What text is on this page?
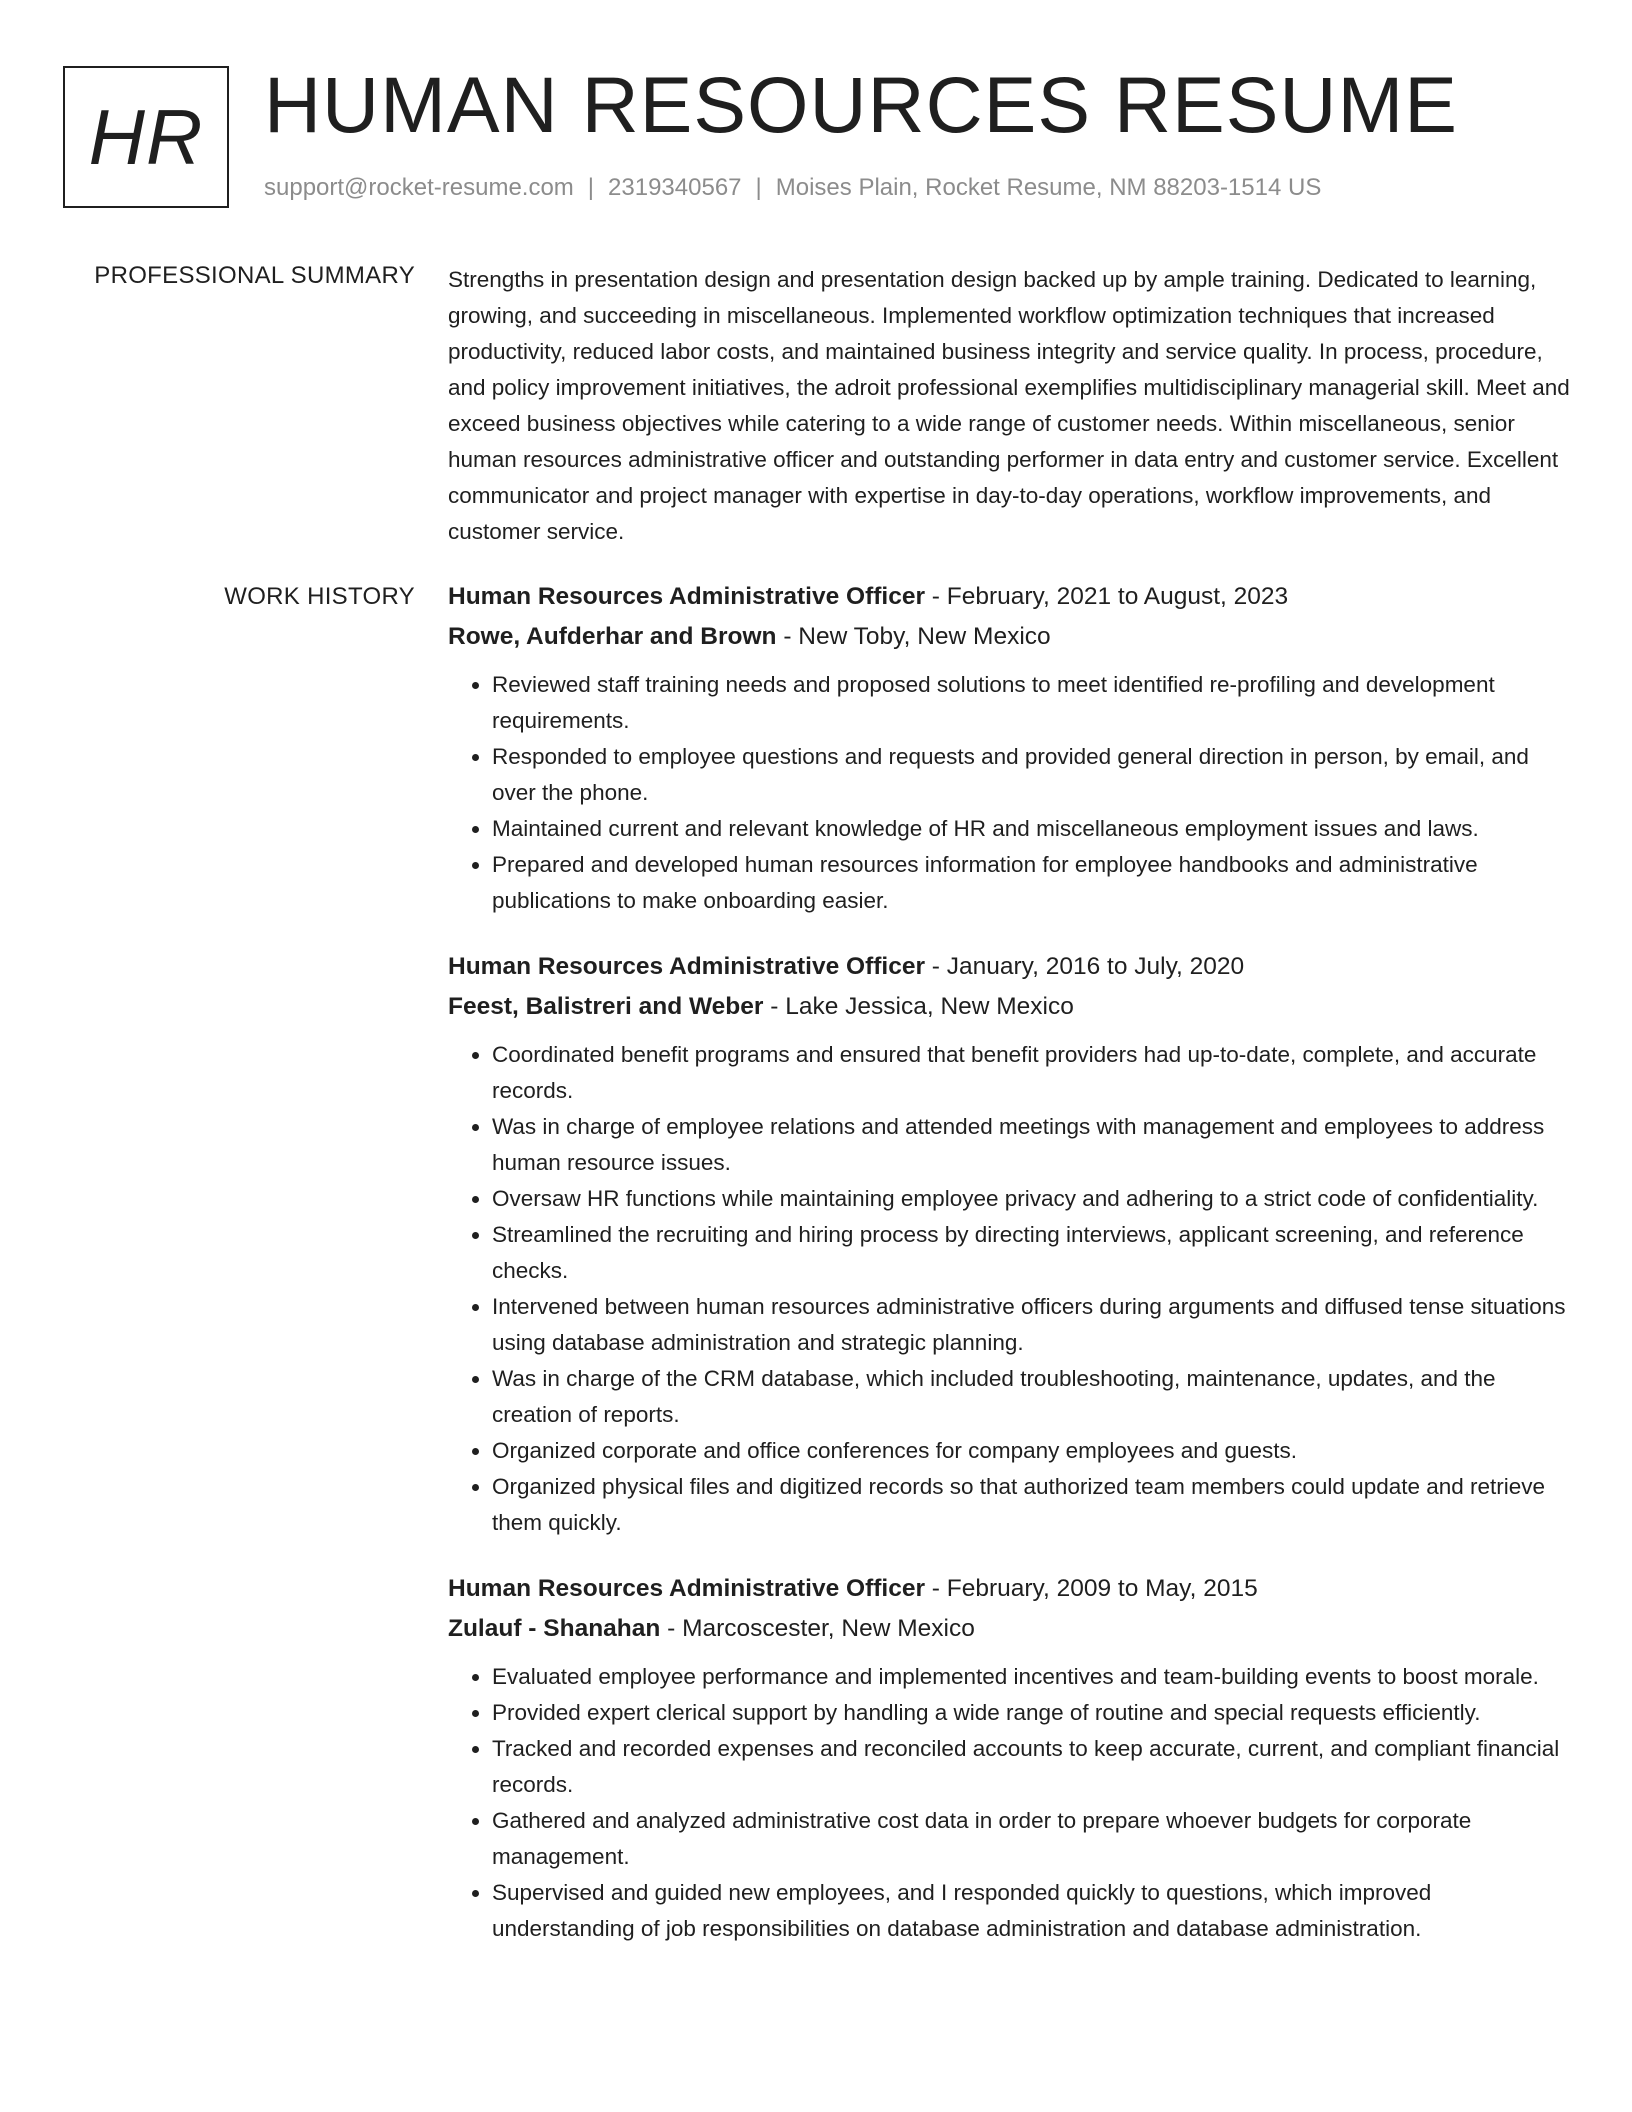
HR HUMAN RESOURCES RESUME
support@rocket-resume.com | 2319340567 | Moises Plain, Rocket Resume, NM 88203-1514 US
PROFESSIONAL SUMMARY Strengths in presentation design and presentation design backed up by ample training. Dedicated to learning, growing, and succeeding in miscellaneous. Implemented workflow optimization techniques that increased productivity, reduced labor costs, and maintained business integrity and service quality. In process, procedure, and policy improvement initiatives, the adroit professional exemplifies multidisciplinary managerial skill. Meet and exceed business objectives while catering to a wide range of customer needs. Within miscellaneous, senior human resources administrative officer and outstanding performer in data entry and customer service. Excellent communicator and project manager with expertise in day-to-day operations, workflow improvements, and customer service.

WORK HISTORY Human Resources Administrative Officer - February, 2021 to August, 2023
Rowe, Aufderhar and Brown - New Toby, New Mexico
• Reviewed staff training needs and proposed solutions to meet identified re-profiling and development requirements.
• Responded to employee questions and requests and provided general direction in person, by email, and over the phone.
• Maintained current and relevant knowledge of HR and miscellaneous employment issues and laws.
• Prepared and developed human resources information for employee handbooks and administrative publications to make onboarding easier.
Human Resources Administrative Officer - January, 2016 to July, 2020
Feest, Balistreri and Weber - Lake Jessica, New Mexico
• Coordinated benefit programs and ensured that benefit providers had up-to-date, complete, and accurate records.
• Was in charge of employee relations and attended meetings with management and employees to address human resource issues.
• Oversaw HR functions while maintaining employee privacy and adhering to a strict code of confidentiality.
• Streamlined the recruiting and hiring process by directing interviews, applicant screening, and reference checks.
• Intervened between human resources administrative officers during arguments and diffused tense situations using database administration and strategic planning.
• Was in charge of the CRM database, which included troubleshooting, maintenance, updates, and the creation of reports.
• Organized corporate and office conferences for company employees and guests.
• Organized physical files and digitized records so that authorized team members could update and retrieve them quickly.
Human Resources Administrative Officer - February, 2009 to May, 2015
Zulauf - Shanahan - Marcoscester, New Mexico
• Evaluated employee performance and implemented incentives and team-building events to boost morale.
• Provided expert clerical support by handling a wide range of routine and special requests efficiently.
• Tracked and recorded expenses and reconciled accounts to keep accurate, current, and compliant financial records.
• Gathered and analyzed administrative cost data in order to prepare whoever budgets for corporate management.
• Supervised and guided new employees, and I responded quickly to questions, which improved understanding of job responsibilities on database administration and database administration.
